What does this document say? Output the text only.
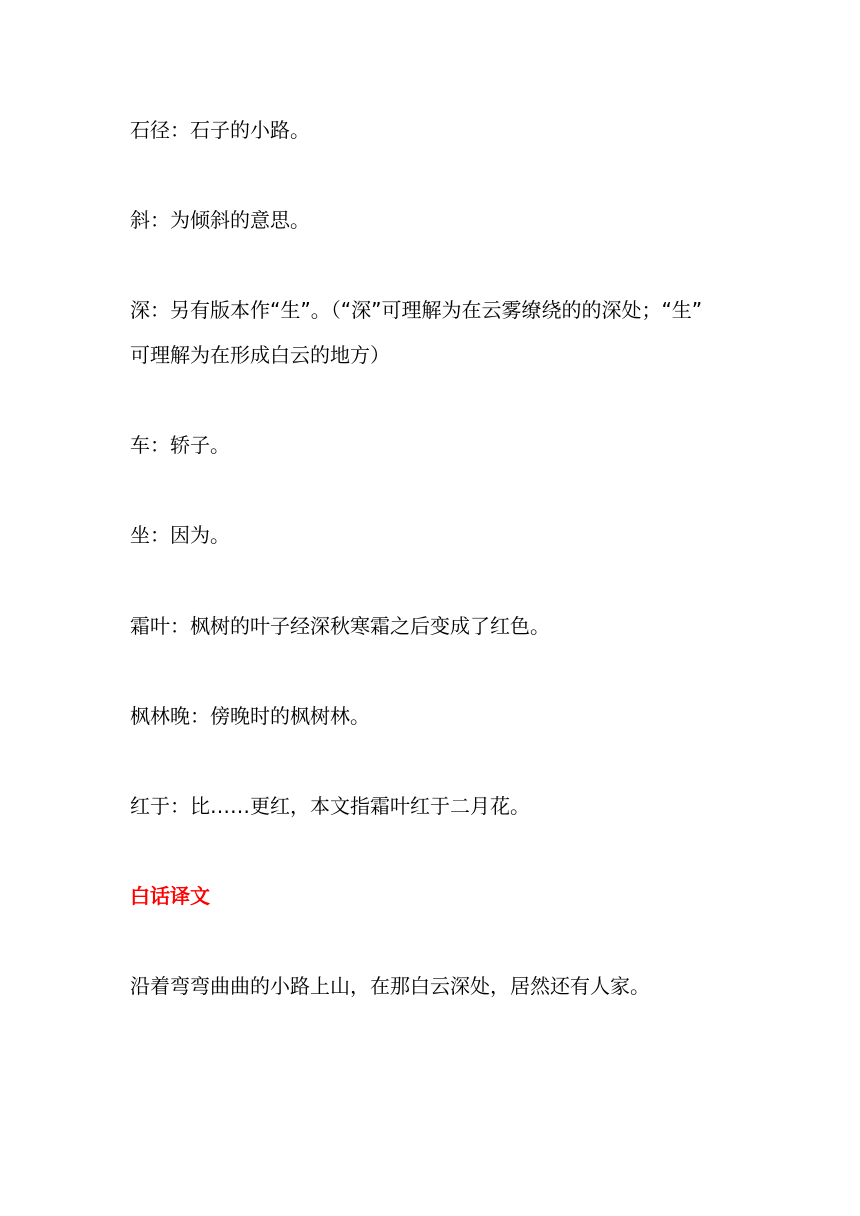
石径：石子的小路。
斜：为倾斜的意思。
深：另有版本作“生”。（“深”可理解为在云雾缭绕的的深处；“生”
可理解为在形成白云的地方）
车：轿子。
坐：因为。
霜叶：枫树的叶子经深秋寒霜之后变成了红色。
枫林晚：傍晚时的枫树林。
红于：比……更红，本文指霜叶红于二月花。
白话译文
沿着弯弯曲曲的小路上山，在那白云深处，居然还有人家。
